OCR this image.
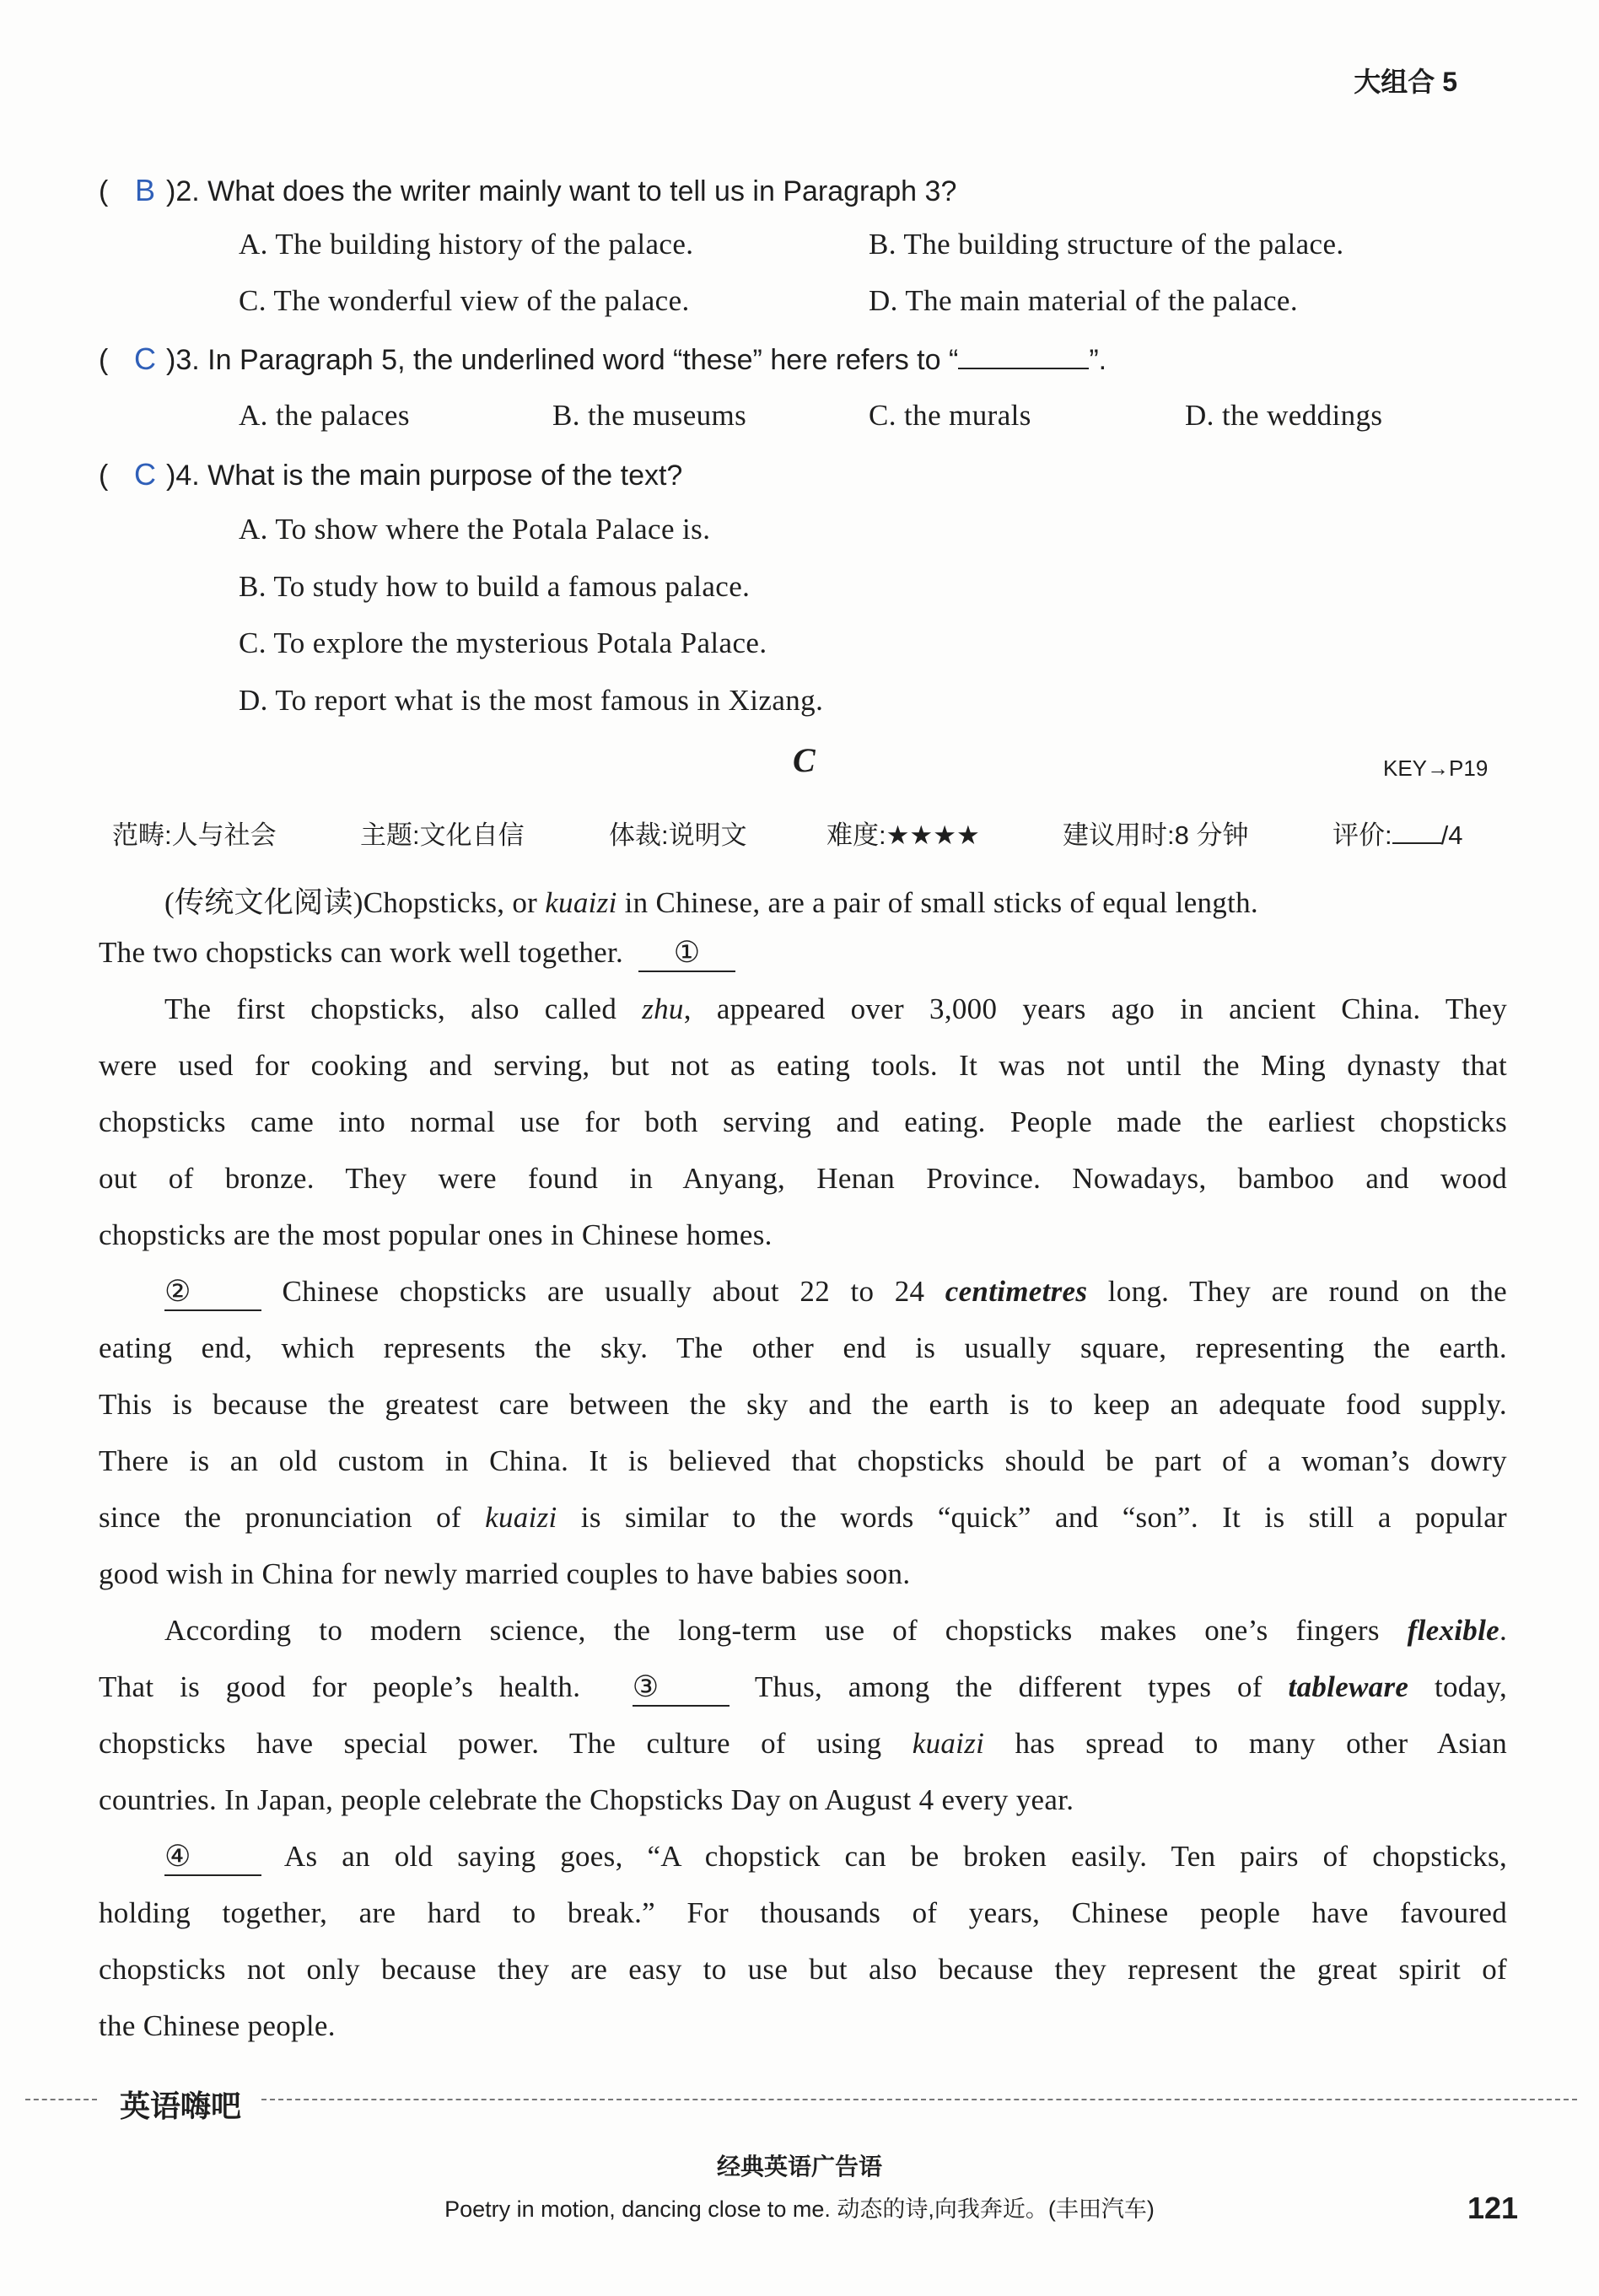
大组合 5
( B )2. What does the writer mainly want to tell us in Paragraph 3?
A. The building history of the palace.	B. The building structure of the palace.
C. The wonderful view of the palace.	D. The main material of the palace.
( C )3. In Paragraph 5, the underlined word “these” here refers to “	”.
A. the palaces	B. the museums	C. the murals	D. the weddings
( C )4. What is the main purpose of the text?
A. To show where the Potala Palace is.
B. To study how to build a famous palace.
C. To explore the mysterious Potala Palace.
D. To report what is the most famous in Xizang.
C	KEY→P19
范畴:人与社会	主题:文化自信	体裁:说明文	难度:★★★★	建议用时:8 分钟	评价: /4
(传统文化阅读)Chopsticks, or kuaizi in Chinese, are a pair of small sticks of equal length.
The two chopsticks can work well together. ①
The first chopsticks, also called zhu, appeared over 3,000 years ago in ancient China. They
were used for cooking and serving, but not as eating tools. It was not until the Ming dynasty that
chopsticks came into normal use for both serving and eating. People made the earliest chopsticks
out of bronze. They were found in Anyang, Henan Province. Nowadays, bamboo and wood
chopsticks are the most popular ones in Chinese homes.
② Chinese chopsticks are usually about 22 to 24 centimetres long. They are round on the
eating end, which represents the sky. The other end is usually square, representing the earth.
This is because the greatest care between the sky and the earth is to keep an adequate food supply.
There is an old custom in China. It is believed that chopsticks should be part of a woman’s dowry
since the pronunciation of kuaizi is similar to the words “quick” and “son”. It is still a popular
good wish in China for newly married couples to have babies soon.
According to modern science, the long-term use of chopsticks makes one’s fingers flexible.
That is good for people’s health. ③ Thus, among the different types of tableware today,
chopsticks have special power. The culture of using kuaizi has spread to many other Asian
countries. In Japan, people celebrate the Chopsticks Day on August 4 every year.
④ As an old saying goes, “A chopstick can be broken easily. Ten pairs of chopsticks,
holding together, are hard to break.” For thousands of years, Chinese people have favoured
chopsticks not only because they are easy to use but also because they represent the great spirit of
the Chinese people.
英语嗨吧
经典英语广告语
Poetry in motion, dancing close to me. 动态的诗,向我奔近。(丰田汽车)	121
